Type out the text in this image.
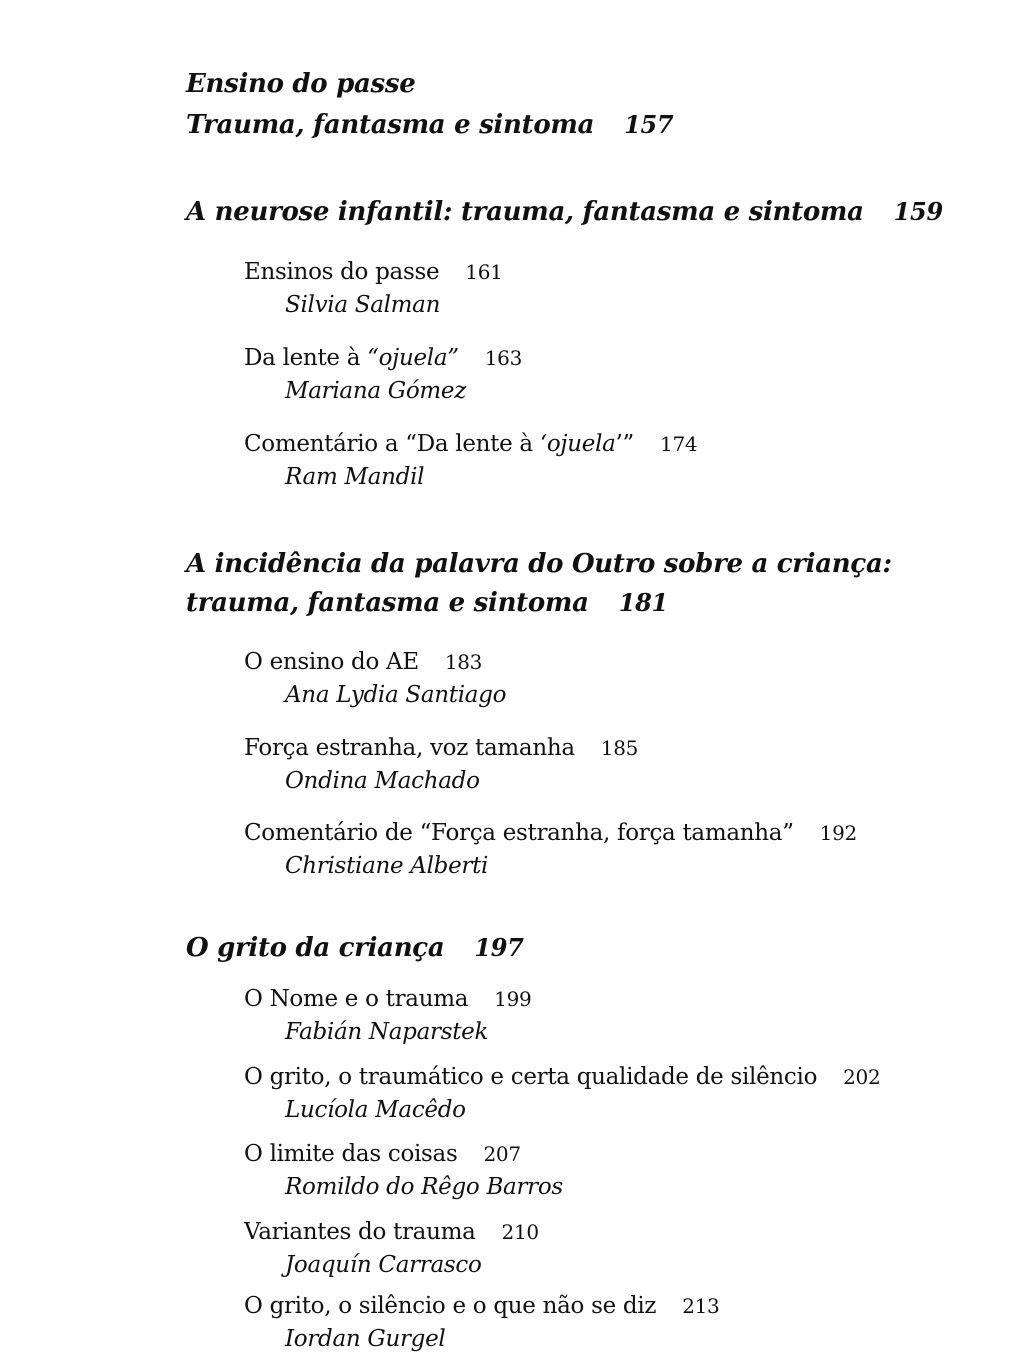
Ensino do passe
Trauma, fantasma e sintoma 157
A neurose infantil: trauma, fantasma e sintoma 159
Ensinos do passe 161
Silvia Salman
Da lente à “ojuela” 163
Mariana Gómez
Comentário a “Da lente à ‘ojuela’” 174
Ram Mandil
A incidência da palavra do Outro sobre a criança:
trauma, fantasma e sintoma 181
O ensino do AE 183
Ana Lydia Santiago
Força estranha, voz tamanha 185
Ondina Machado
Comentário de “Força estranha, força tamanha” 192
Christiane Alberti
O grito da criança 197
O Nome e o trauma 199
Fabián Naparstek
O grito, o traumático e certa qualidade de silêncio 202
Lucíola Macêdo
O limite das coisas 207
Romildo do Rêgo Barros
Variantes do trauma 210
Joaquín Carrasco
O grito, o silêncio e o que não se diz 213
Iordan Gurgel
